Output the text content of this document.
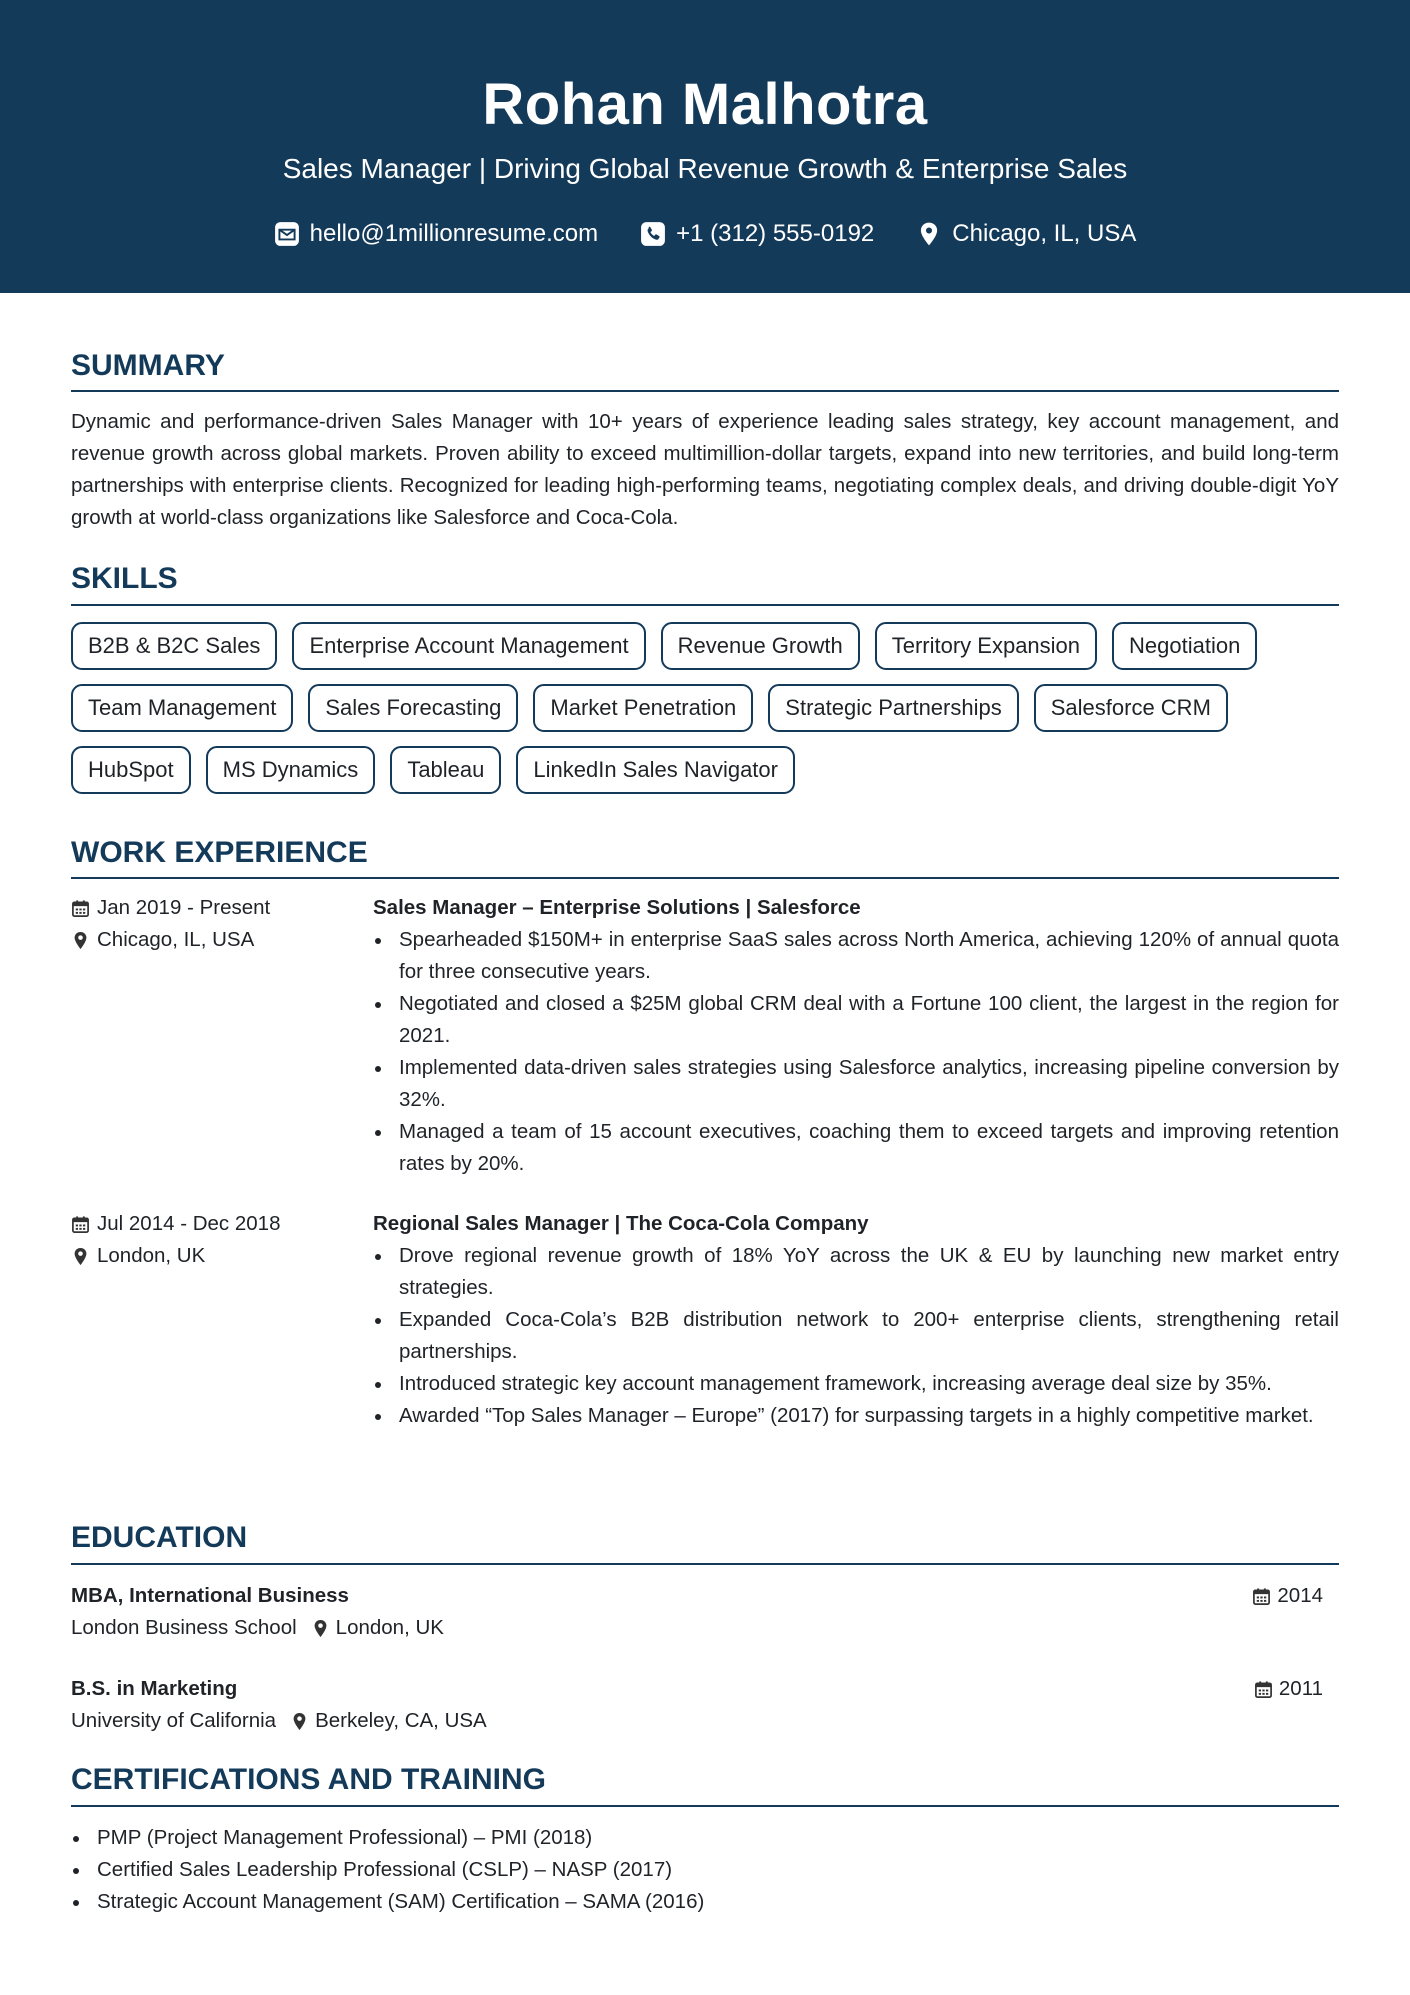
Rohan Malhotra
Sales Manager | Driving Global Revenue Growth & Enterprise Sales
hello@1millionresume.com	+1 (312) 555-0192	Chicago, IL, USA
SUMMARY

Dynamic and performance-driven Sales Manager with 10+ years of experience leading sales strategy, key account management, and revenue growth across global markets. Proven ability to exceed multimillion-dollar targets, expand into new territories, and build long-term partnerships with enterprise clients. Recognized for leading high-performing teams, negotiating complex deals, and driving double-digit YoY growth at world-class organizations like Salesforce and Coca-Cola.

SKILLS
B2B & B2C Sales	Enterprise Account Management	Revenue Growth	Territory Expansion	Negotiation
Team Management	Sales Forecasting	Market Penetration	Strategic Partnerships	Salesforce CRM
HubSpot	MS Dynamics	Tableau	LinkedIn Sales Navigator
WORK EXPERIENCE
Jan 2019 - Present
Chicago, IL, USA
Sales Manager – Enterprise Solutions | Salesforce
Spearheaded $150M+ in enterprise SaaS sales across North America, achieving 120% of annual quota for three consecutive years.
Negotiated and closed a $25M global CRM deal with a Fortune 100 client, the largest in the region for 2021.
Implemented data-driven sales strategies using Salesforce analytics, increasing pipeline conversion by 32%.
Managed a team of 15 account executives, coaching them to exceed targets and improving retention rates by 20%.
Jul 2014 - Dec 2018
London, UK
Regional Sales Manager | The Coca-Cola Company
Drove regional revenue growth of 18% YoY across the UK & EU by launching new market entry strategies.
Expanded Coca-Cola’s B2B distribution network to 200+ enterprise clients, strengthening retail partnerships.
Introduced strategic key account management framework, increasing average deal size by 35%.
Awarded “Top Sales Manager – Europe” (2017) for surpassing targets in a highly competitive market.
EDUCATION
MBA, International Business
London Business School London, UK
2014
B.S. in Marketing
University of California Berkeley, CA, USA
2011
CERTIFICATIONS AND TRAINING
PMP (Project Management Professional) – PMI (2018)
Certified Sales Leadership Professional (CSLP) – NASP (2017)
Strategic Account Management (SAM) Certification – SAMA (2016)
